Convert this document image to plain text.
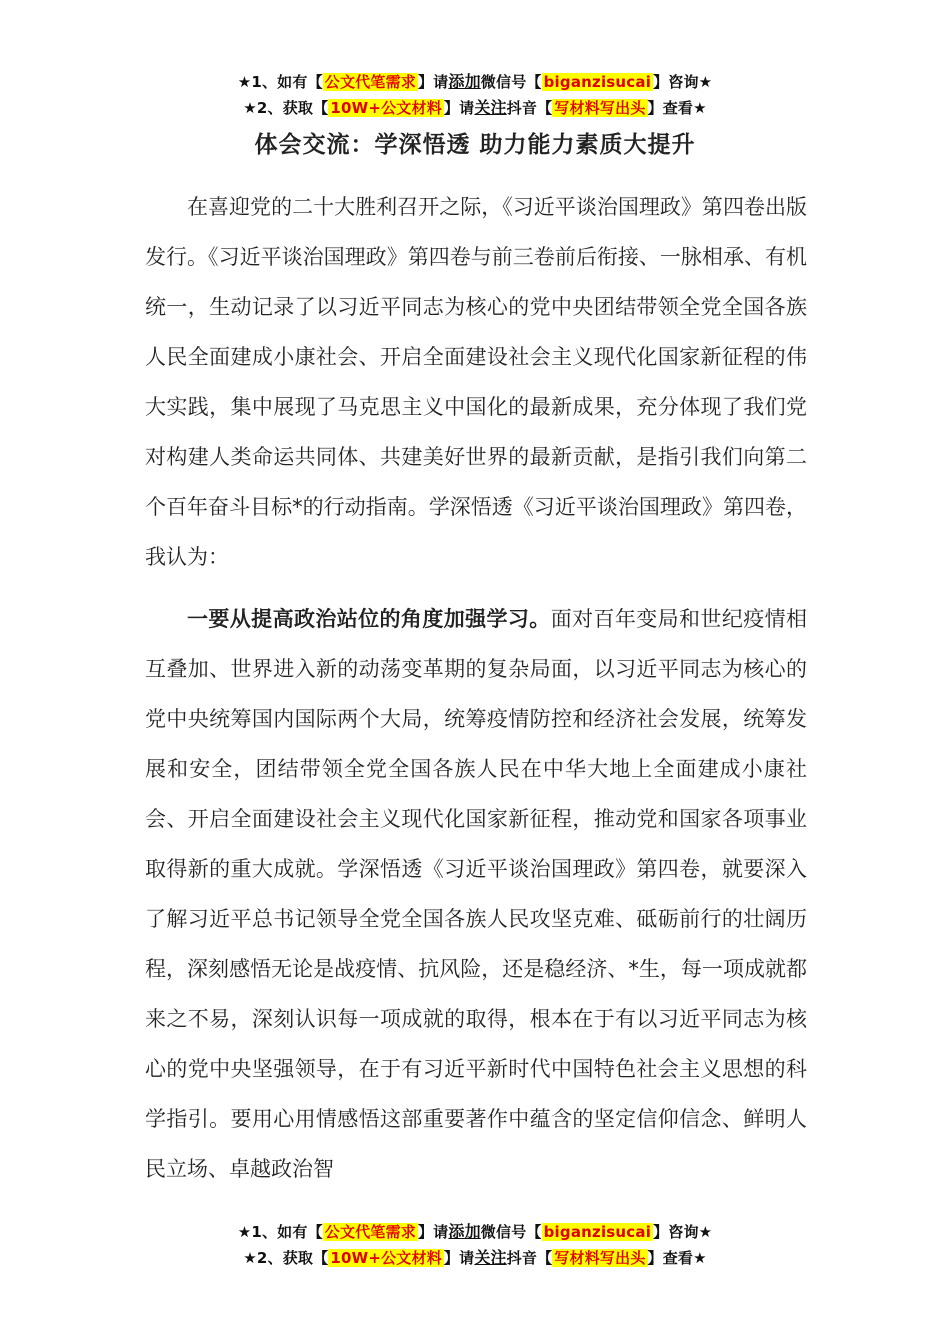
★1、如有【 公文代笔需求 】请添加微信号【 biganzisucai 】咨询★
★2、获取【 10W+公文材料 】请关注抖音【 写材料写出头 】查看★
体会交流：学深悟透 助力能力素质大提升

在喜迎党的二十大胜利召开之际，《习近平谈治国理政》第四卷出版发行。《习近平谈治国理政》第四卷与前三卷前后衔接、一脉相承、有机统一，生动记录了以习近平同志为核心的党中央团结带领全党全国各族人民全面建成小康社会、开启全面建设社会主义现代化国家新征程的伟大实践，集中展现了马克思主义中国化的最新成果，充分体现了我们党对构建人类命运共同体、共建美好世界的最新贡献，是指引我们向第二个百年奋斗目标*的行动指南。学深悟透《习近平谈治国理政》第四卷，我认为：

一要从提高政治站位的角度加强学习。面对百年变局和世纪疫情相互叠加、世界进入新的动荡变革期的复杂局面，以习近平同志为核心的党中央统筹国内国际两个大局，统筹疫情防控和经济社会发展，统筹发展和安全，团结带领全党全国各族人民在中华大地上全面建成小康社会、开启全面建设社会主义现代化国家新征程，推动党和国家各项事业取得新的重大成就。学深悟透《习近平谈治国理政》第四卷，就要深入了解习近平总书记领导全党全国各族人民攻坚克难、砥砺前行的壮阔历程，深刻感悟无论是战疫情、抗风险，还是稳经济、*生，每一项成就都来之不易，深刻认识每一项成就的取得，根本在于有以习近平同志为核心的党中央坚强领导，在于有习近平新时代中国特色社会主义思想的科学指引。要用心用情感悟这部重要著作中蕴含的坚定信仰信念、鲜明人民立场、卓越政治智

★1、如有【 公文代笔需求 】请添加微信号【 biganzisucai 】咨询★
★2、获取【 10W+公文材料 】请关注抖音【 写材料写出头 】查看★
